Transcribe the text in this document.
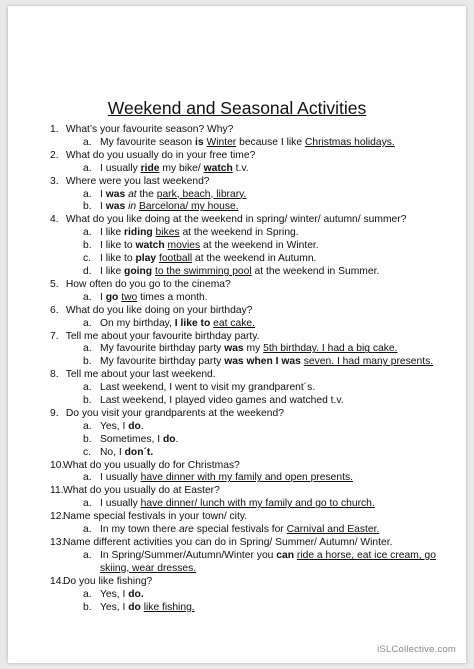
Weekend and Seasonal Activities
1. What’s your favourite season? Why?
a. My favourite season is Winter because I like Christmas holidays.
2. What do you usually do in your free time?
a. I usually ride my bike/ watch t.v.
3. Where were you last weekend?
a. I was at the park, beach, library.
b. I was in Barcelona/ my house.
4. What do you like doing at the weekend in spring/ winter/ autumn/ summer?
a. I like riding bikes at the weekend in Spring.
b. I like to watch movies at the weekend in Winter.
c. I like to play football at the weekend in Autumn.
d. I like going to the swimming pool at the weekend in Summer.
5. How often do you go to the cinema?
a. I go two times a month.
6. What do you like doing on your birthday?
a. On my birthday, I like to eat cake.
7. Tell me about your favourite birthday party.
a. My favourite birthday party was my 5th birthday. I had a big cake.
b. My favourite birthday party was when I was seven. I had many presents.
8. Tell me about your last weekend.
a. Last weekend, I went to visit my grandparent´s.
b. Last weekend, I played video games and watched t.v.
9. Do you visit your grandparents at the weekend?
a. Yes, I do.
b. Sometimes, I do.
c. No, I don´t.
10.What do you usually do for Christmas?
a. I usually have dinner with my family and open presents.
11.What do you usually do at Easter?
a. I usually have dinner/ lunch with my family and go to church.
12.Name special festivals in your town/ city.
a. In my town there are special festivals for Carnival and Easter.
13.Name different activities you can do in Spring/ Summer/ Autumn/ Winter.
a. In Spring/Summer/Autumn/Winter you can ride a horse, eat ice cream, go skiing, wear dresses.
14.Do you like fishing?
a. Yes, I do.
b. Yes, I do like fishing.
iSLCollective.com
